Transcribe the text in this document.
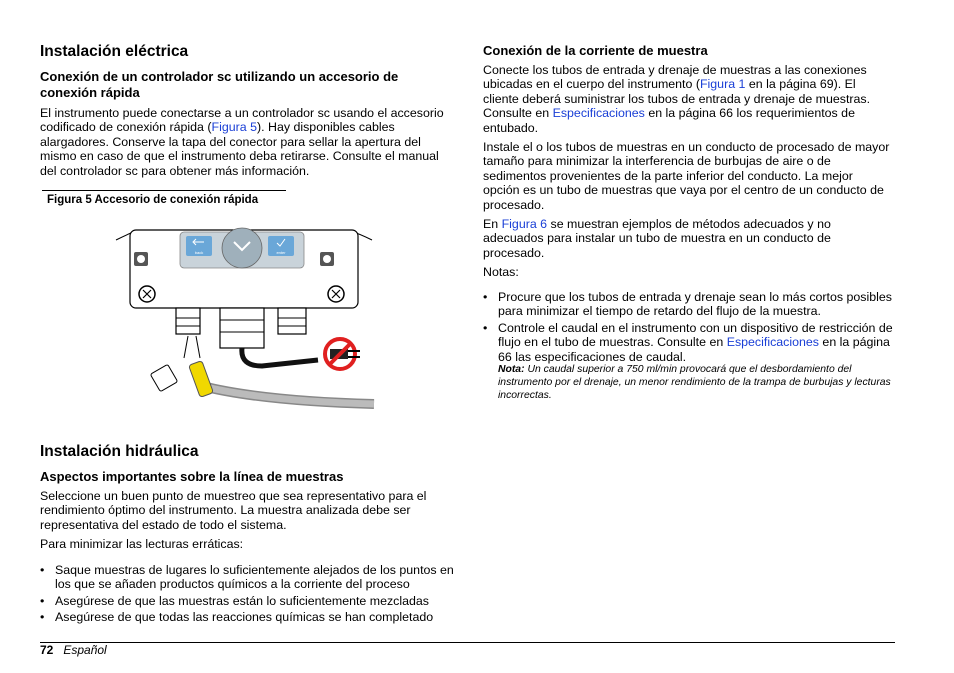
Instalación eléctrica
Conexión de un controlador sc utilizando un accesorio de conexión rápida

El instrumento puede conectarse a un controlador sc usando el accesorio codificado de conexión rápida (Figura 5). Hay disponibles cables alargadores. Conserve la tapa del conector para sellar la apertura del mismo en caso de que el instrumento deba retirarse. Consulte el manual del controlador sc para obtener más información.

Figura 5 Accesorio de conexión rápida
back	enter
Instalación hidráulica
Aspectos importantes sobre la línea de muestras

Seleccione un buen punto de muestreo que sea representativo para el rendimiento óptimo del instrumento. La muestra analizada debe ser representativa del estado de todo el sistema.

Para minimizar las lecturas erráticas:

• Saque muestras de lugares lo suficientemente alejados de los puntos en los que se añaden productos químicos a la corriente del proceso
• Asegúrese de que las muestras están lo suficientemente mezcladas
• Asegúrese de que todas las reacciones químicas se han completado
Conexión de la corriente de muestra

Conecte los tubos de entrada y drenaje de muestras a las conexiones ubicadas en el cuerpo del instrumento (Figura 1 en la página 69). El cliente deberá suministrar los tubos de entrada y drenaje de muestras. Consulte en Especificaciones en la página 66 los requerimientos de entubado.

Instale el o los tubos de muestras en un conducto de procesado de mayor tamaño para minimizar la interferencia de burbujas de aire o de sedimentos provenientes de la parte inferior del conducto. La mejor opción es un tubo de muestras que vaya por el centro de un conducto de procesado.

En Figura 6 se muestran ejemplos de métodos adecuados y no adecuados para instalar un tubo de muestra en un conducto de procesado.

Notas:

• Procure que los tubos de entrada y drenaje sean lo más cortos posibles para minimizar el tiempo de retardo del flujo de la muestra.
• Controle el caudal en el instrumento con un dispositivo de restricción de flujo en el tubo de muestras. Consulte en Especificaciones en la página 66 las especificaciones de caudal.
Nota: Un caudal superior a 750 ml/min provocará que el desbordamiento del instrumento por el drenaje, un menor rendimiento de la trampa de burbujas y lecturas incorrectas.
72 Español
